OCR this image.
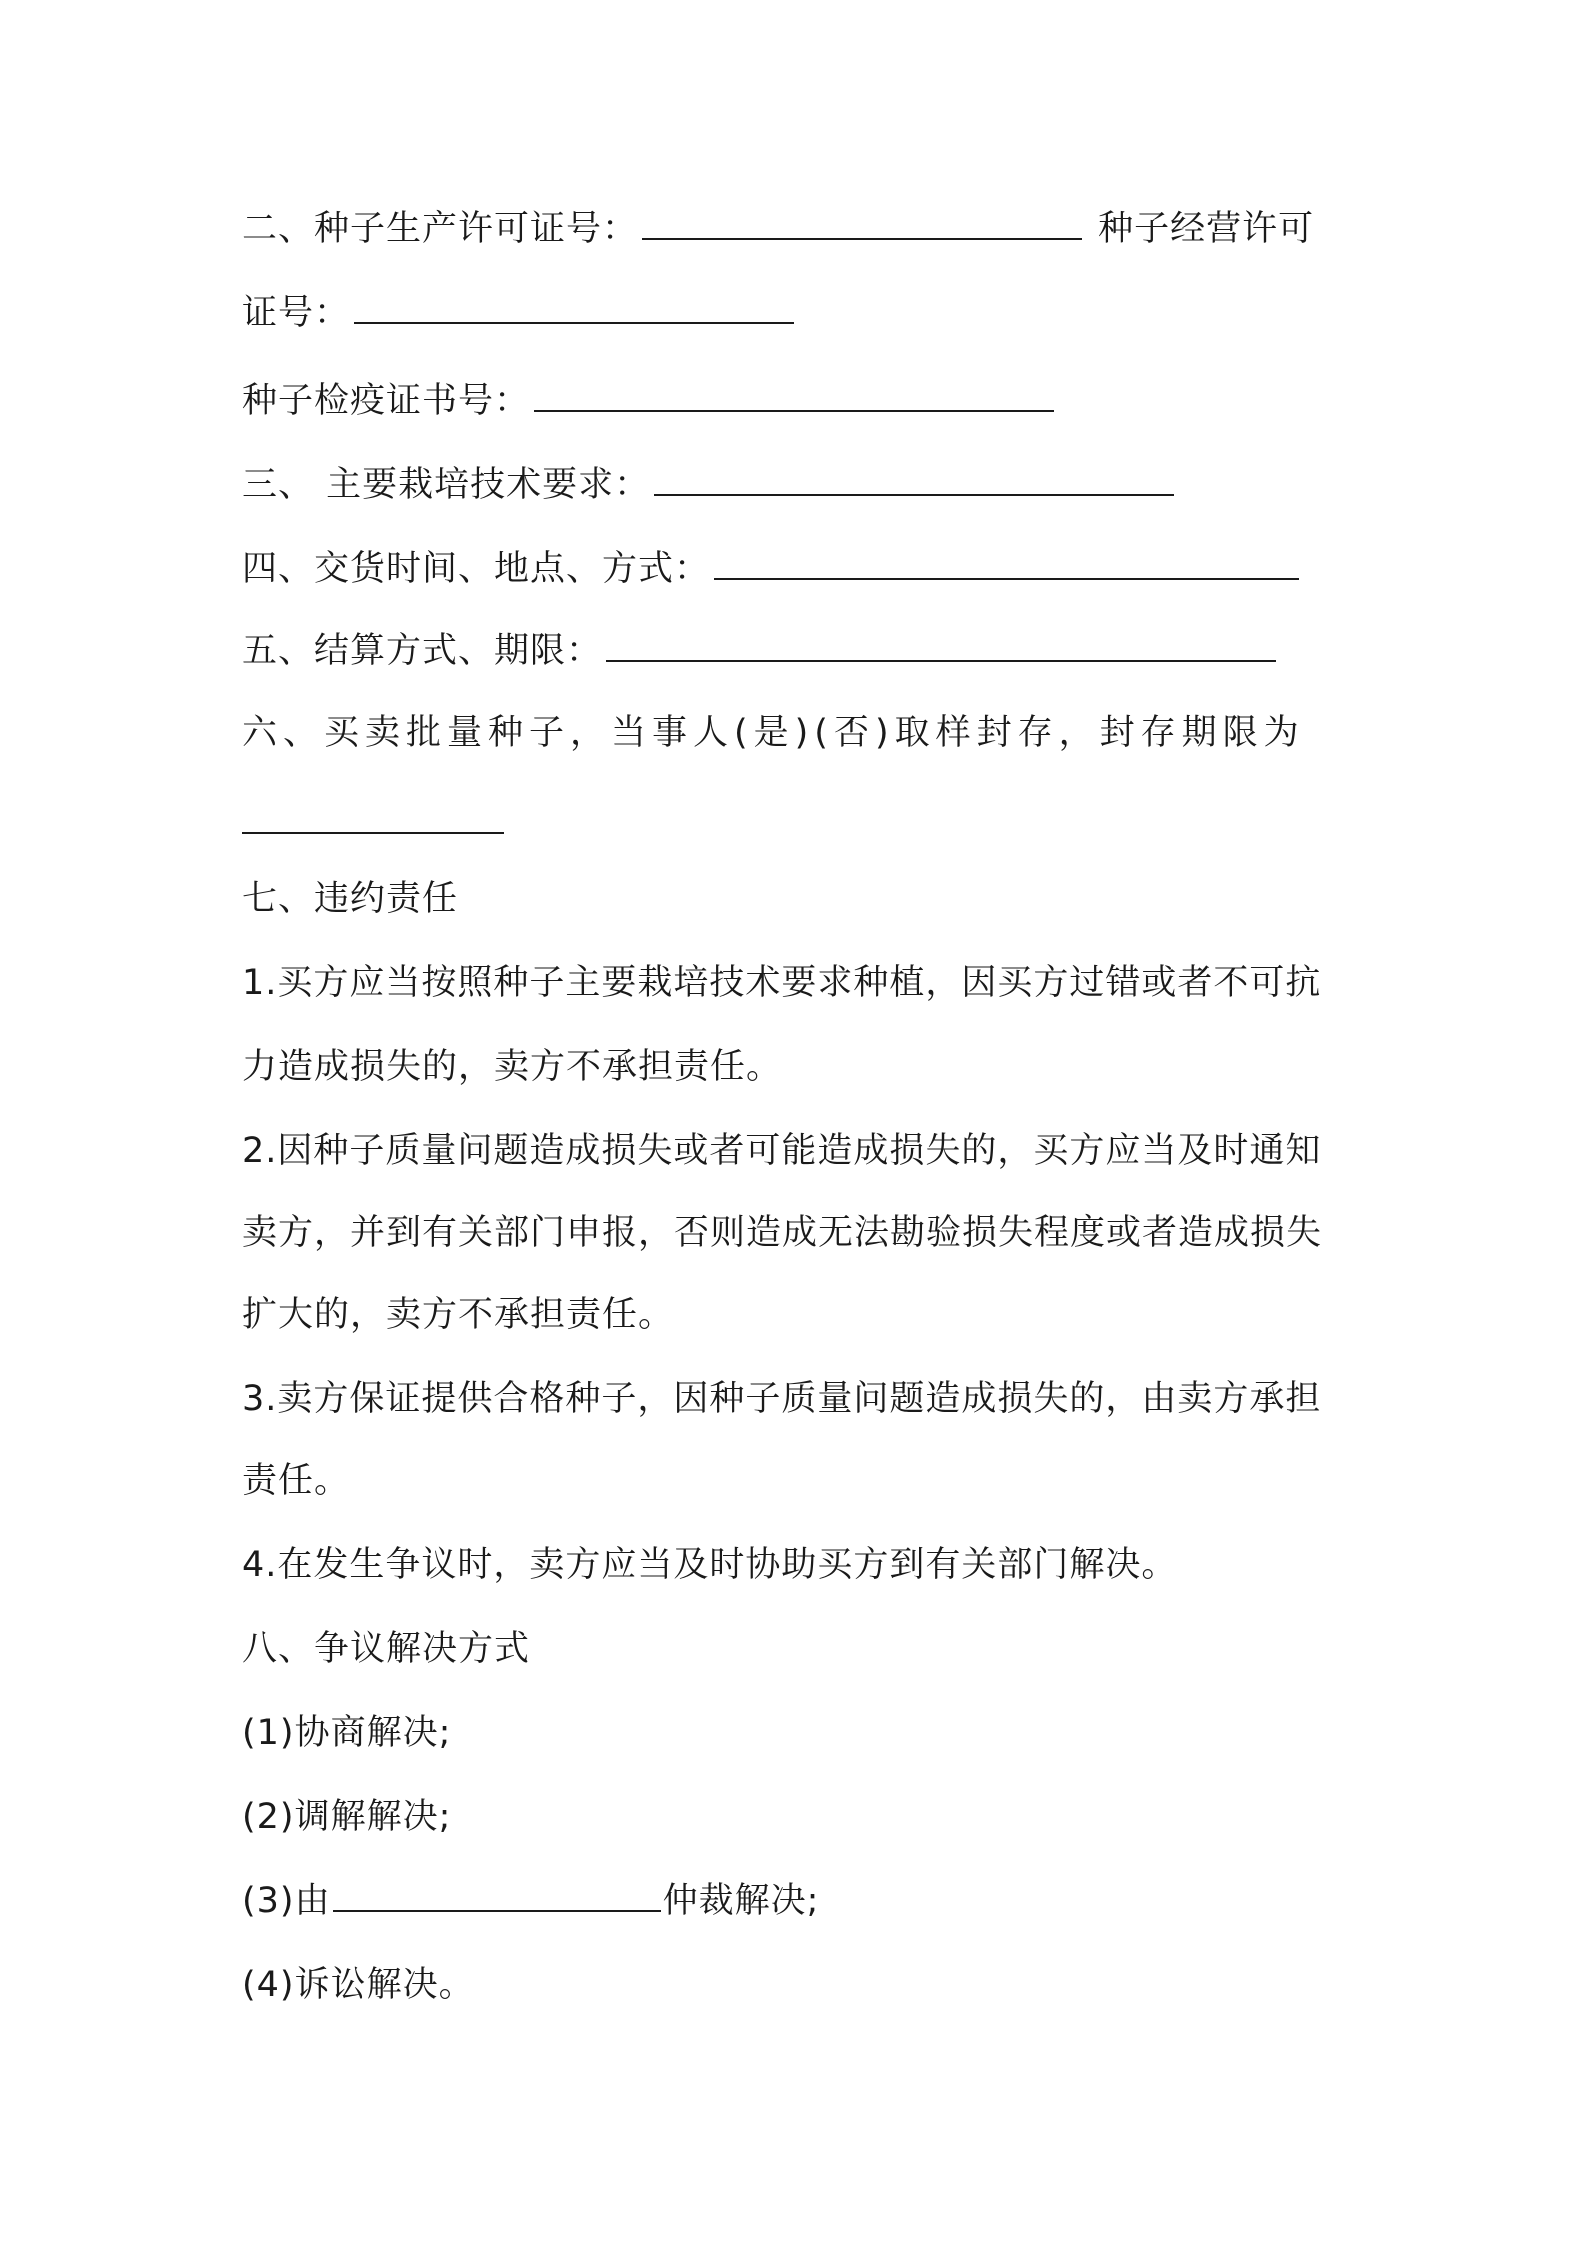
二、种子生产许可证号：	种子经营许可
证号：
种子检疫证书号：
三、 主要栽培技术要求：
四、交货时间、地点、方式：
五、结算方式、期限：
六、买卖批量种子，当事人(是)(否)取样封存，封存期限为
七、违约责任
1.买方应当按照种子主要栽培技术要求种植，因买方过错或者不可抗
力造成损失的，卖方不承担责任。
2.因种子质量问题造成损失或者可能造成损失的，买方应当及时通知
卖方，并到有关部门申报，否则造成无法勘验损失程度或者造成损失
扩大的，卖方不承担责任。
3.卖方保证提供合格种子，因种子质量问题造成损失的，由卖方承担
责任。
4.在发生争议时，卖方应当及时协助买方到有关部门解决。
八、争议解决方式
(1)协商解决;
(2)调解解决;
(3)由	仲裁解决;
(4)诉讼解决。
